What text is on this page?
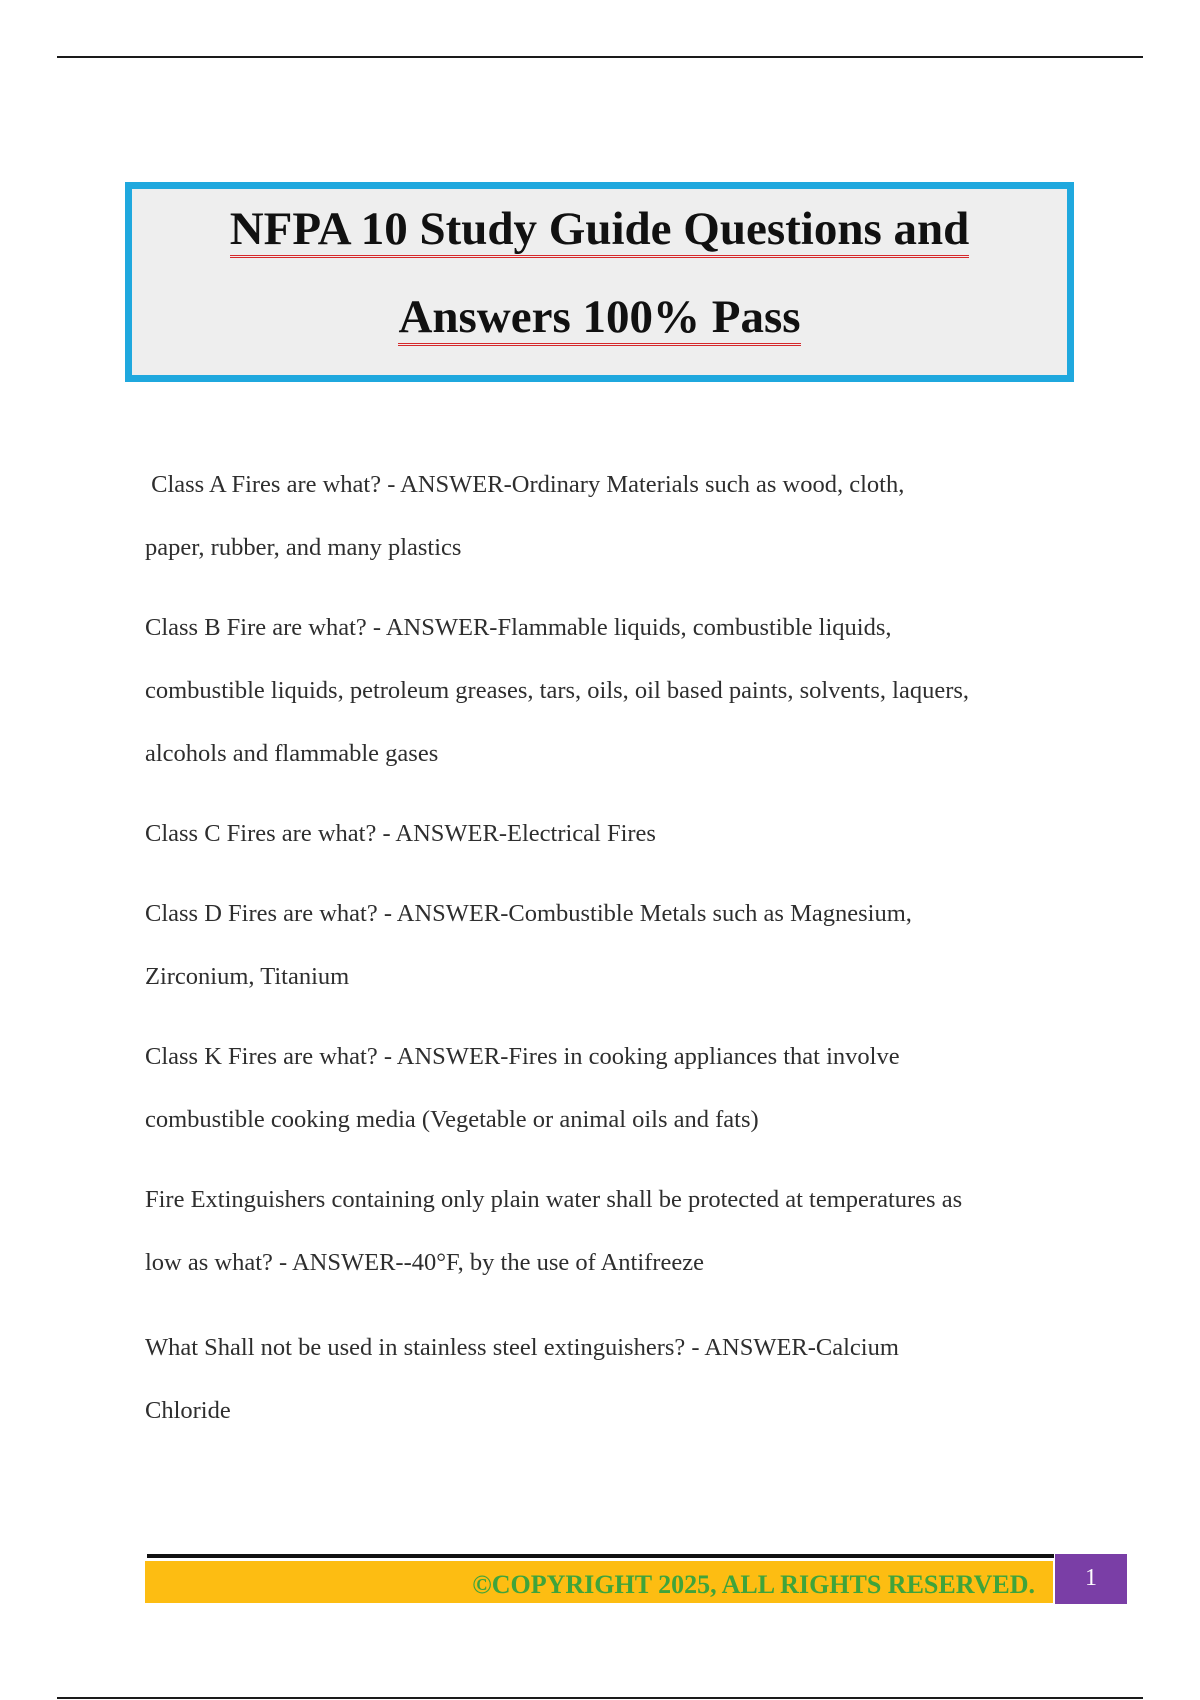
NFPA 10 Study Guide Questions and
Answers 100% Pass
Class A Fires are what? - ANSWER-Ordinary Materials such as wood, cloth,
paper, rubber, and many plastics
Class B Fire are what? - ANSWER-Flammable liquids, combustible liquids,
combustible liquids, petroleum greases, tars, oils, oil based paints, solvents, laquers,
alcohols and flammable gases
Class C Fires are what? - ANSWER-Electrical Fires
Class D Fires are what? - ANSWER-Combustible Metals such as Magnesium,
Zirconium, Titanium
Class K Fires are what? - ANSWER-Fires in cooking appliances that involve
combustible cooking media (Vegetable or animal oils and fats)
Fire Extinguishers containing only plain water shall be protected at temperatures as
low as what? - ANSWER--40°F, by the use of Antifreeze
What Shall not be used in stainless steel extinguishers? - ANSWER-Calcium
Chloride
©COPYRIGHT 2025, ALL RIGHTS RESERVED.	1
